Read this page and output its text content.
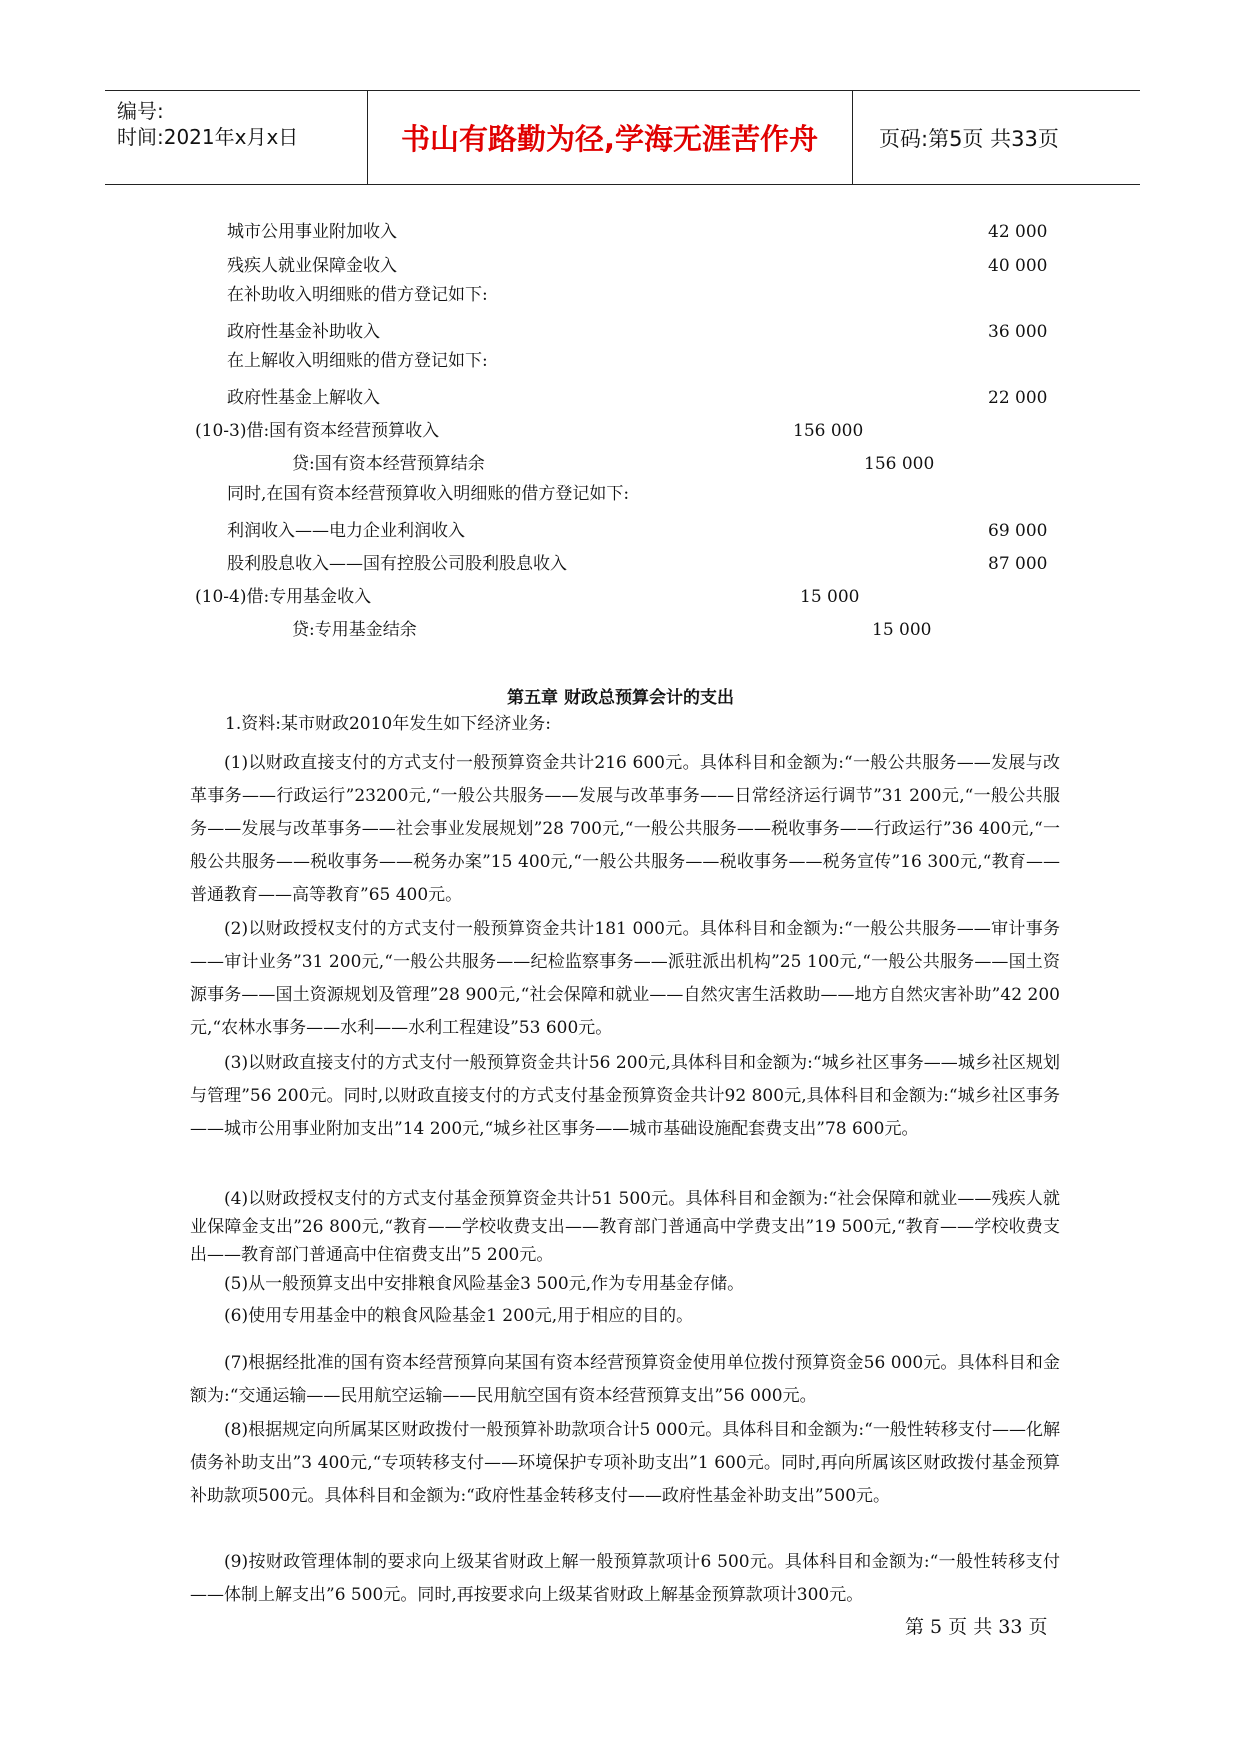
编号:
时间:2021年x月x日	书山有路勤为径,学海无涯苦作舟	页码:第5页 共33页
城市公用事业附加收入	42 000
残疾人就业保障金收入	40 000
在补助收入明细账的借方登记如下:
政府性基金补助收入	36 000
在上解收入明细账的借方登记如下:
政府性基金上解收入	22 000
(10-3)借:国有资本经营预算收入	156 000
贷:国有资本经营预算结余	156 000
同时,在国有资本经营预算收入明细账的借方登记如下:
利润收入——电力企业利润收入	69 000
股利股息收入——国有控股公司股利股息收入	87 000
(10-4)借:专用基金收入	15 000
贷:专用基金结余	15 000
第五章 财政总预算会计的支出
1.资料:某市财政2010年发生如下经济业务:
(1)以财政直接支付的方式支付一般预算资金共计216 600元。具体科目和金额为:“一般公共服务——发展与改革事务——行政运行”23200元,“一般公共服务——发展与改革事务——日常经济运行调节”31 200元,“一般公共服务——发展与改革事务——社会事业发展规划”28 700元,“一般公共服务——税收事务——行政运行”36 400元,“一般公共服务——税收事务——税务办案”15 400元,“一般公共服务——税收事务——税务宣传”16 300元,“教育——普通教育——高等教育”65 400元。
(2)以财政授权支付的方式支付一般预算资金共计181 000元。具体科目和金额为:“一般公共服务——审计事务——审计业务”31 200元,“一般公共服务——纪检监察事务——派驻派出机构”25 100元,“一般公共服务——国土资源事务——国土资源规划及管理”28 900元,“社会保障和就业——自然灾害生活救助——地方自然灾害补助”42 200元,“农林水事务——水利——水利工程建设”53 600元。
(3)以财政直接支付的方式支付一般预算资金共计56 200元,具体科目和金额为:“城乡社区事务——城乡社区规划与管理”56 200元。同时,以财政直接支付的方式支付基金预算资金共计92 800元,具体科目和金额为:“城乡社区事务——城市公用事业附加支出”14 200元,“城乡社区事务——城市基础设施配套费支出”78 600元。
(4)以财政授权支付的方式支付基金预算资金共计51 500元。具体科目和金额为:“社会保障和就业——残疾人就业保障金支出”26 800元,“教育——学校收费支出——教育部门普通高中学费支出”19 500元,“教育——学校收费支出——教育部门普通高中住宿费支出”5 200元。
(5)从一般预算支出中安排粮食风险基金3 500元,作为专用基金存储。
(6)使用专用基金中的粮食风险基金1 200元,用于相应的目的。
(7)根据经批准的国有资本经营预算向某国有资本经营预算资金使用单位拨付预算资金56 000元。具体科目和金额为:“交通运输——民用航空运输——民用航空国有资本经营预算支出”56 000元。
(8)根据规定向所属某区财政拨付一般预算补助款项合计5 000元。具体科目和金额为:“一般性转移支付——化解债务补助支出”3 400元,“专项转移支付——环境保护专项补助支出”1 600元。同时,再向所属该区财政拨付基金预算补助款项500元。具体科目和金额为:“政府性基金转移支付——政府性基金补助支出”500元。
(9)按财政管理体制的要求向上级某省财政上解一般预算款项计6 500元。具体科目和金额为:“一般性转移支付——体制上解支出”6 500元。同时,再按要求向上级某省财政上解基金预算款项计300元。
第 5 页 共 33 页
